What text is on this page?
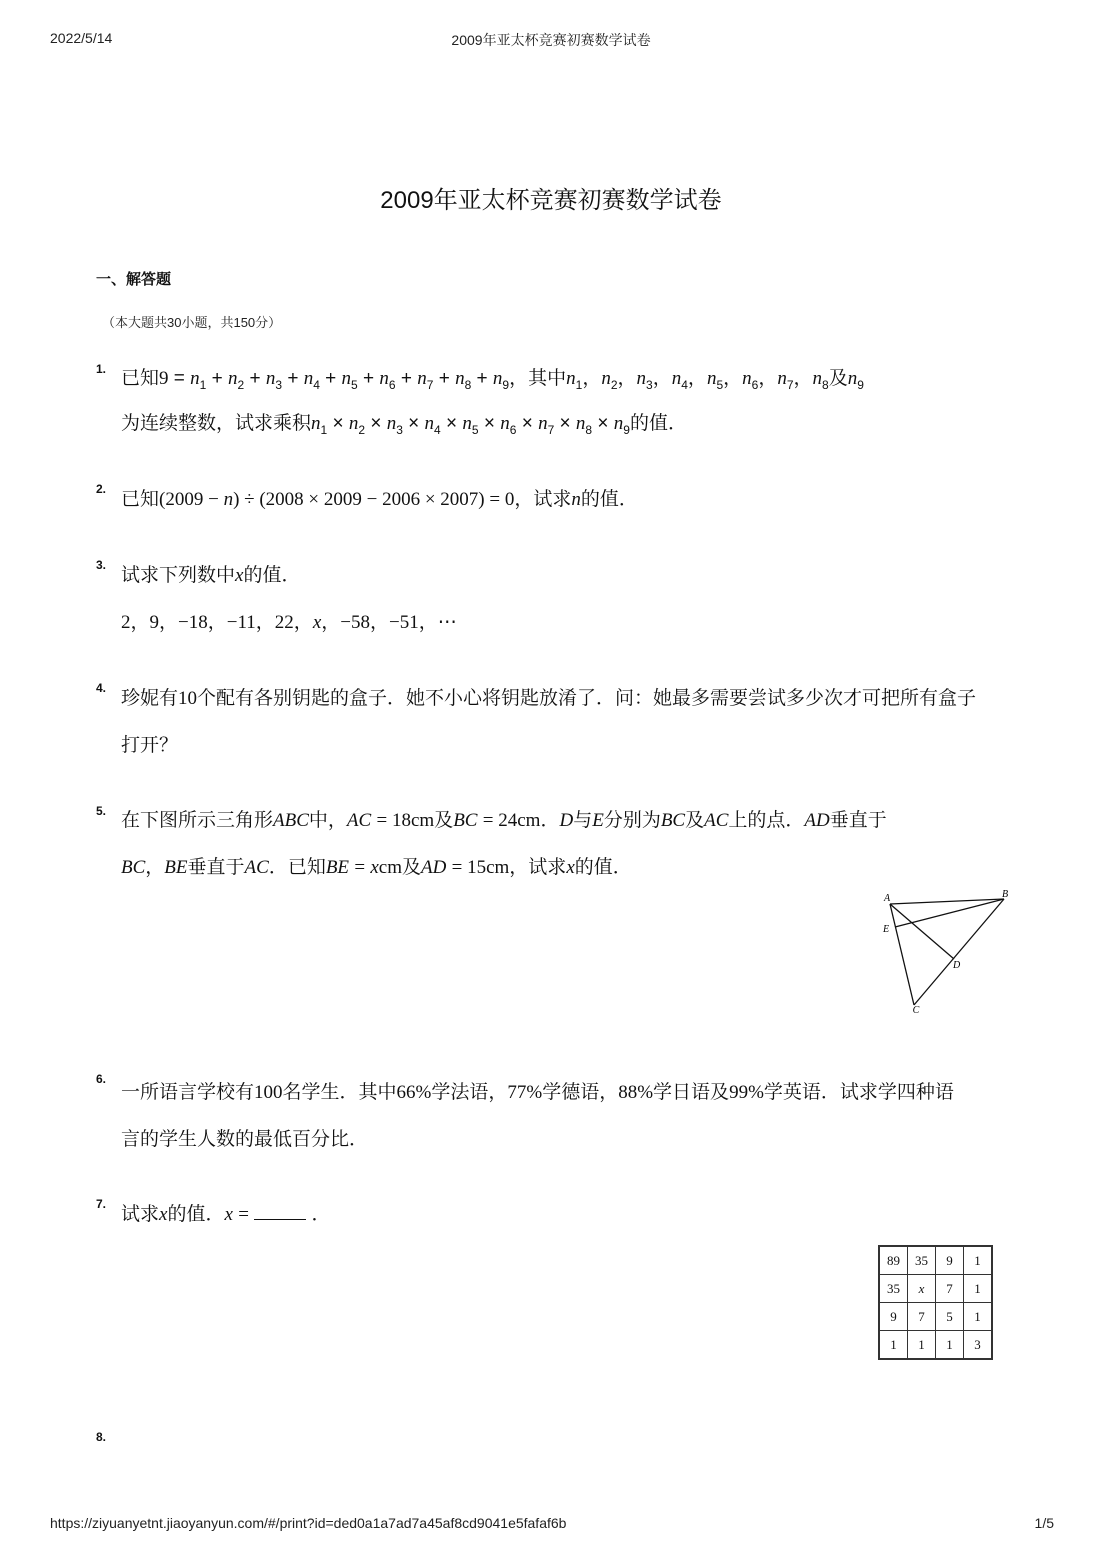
2022/5/14	2009年亚太杯竞赛初赛数学试卷
2009年亚太杯竞赛初赛数学试卷
一、解答题
（本大题共30小题，共150分）
1. 已知$9 = n_1 + n_2 + n_3 + n_4 + n_5 + n_6 + n_7 + n_8 + n_9$，其中$n_1$，$n_2$，$n_3$，$n_4$，$n_5$，$n_6$，$n_7$，$n_8$及$n_9$
为连续整数，试求乘积$n_1 \times n_2 \times n_3 \times n_4 \times n_5 \times n_6 \times n_7 \times n_8 \times n_9$的值．
2. 已知(2009 − n) ÷ (2008 × 2009 − 2006 × 2007) = 0，试求n的值．
3. 试求下列数中x的值．
2，9，−18，−11，22，x，−58，−51，⋯
4. 珍妮有10个配有各别钥匙的盒子．她不小心将钥匙放淆了．问：她最多需要尝试多少次才可把所有盒子
打开？
5. 在下图所示三角形ABC中，AC = 18cm及BC = 24cm．D与E分别为BC及AC上的点．AD垂直于
BC，BE垂直于AC．已知BE = xcm及AD = 15cm，试求x的值．
A	B
C
D
E
6.
一所语言学校有100名学生．其中66%学法语，77%学德语，88%学日语及99%学英语．试求学四种语
言的学生人数的最低百分比．
7. 试求x的值．x =	．
89	35	9	1
35	x	7	1
9	7	5	1
1	1	1	3
8.
https://ziyuanyetnt.jiaoyanyun.com/#/print?id=ded0a1a7ad7a45af8cd9041e5fafaf6b	1/5
